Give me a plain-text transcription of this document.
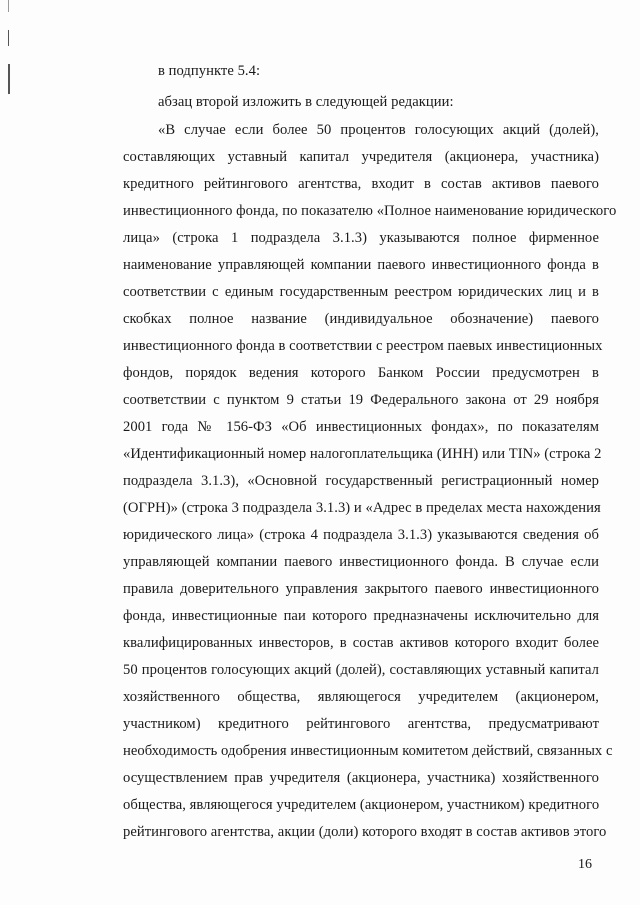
в подпункте 5.4:
абзац второй изложить в следующей редакции:
«В случае если более 50 процентов голосующих акций (долей),
составляющих уставный капитал учредителя (акционера, участника)
кредитного рейтингового агентства, входит в состав активов паевого
инвестиционного фонда, по показателю «Полное наименование юридического
лица» (строка 1 подраздела 3.1.3) указываются полное фирменное
наименование управляющей компании паевого инвестиционного фонда в
соответствии с единым государственным реестром юридических лиц и в
скобках полное название (индивидуальное обозначение) паевого
инвестиционного фонда в соответствии с реестром паевых инвестиционных
фондов, порядок ведения которого Банком России предусмотрен в
соответствии с пунктом 9 статьи 19 Федерального закона от 29 ноября
2001 года № 156-ФЗ «Об инвестиционных фондах», по показателям
«Идентификационный номер налогоплательщика (ИНН) или TIN» (строка 2
подраздела 3.1.3), «Основной государственный регистрационный номер
(ОГРН)» (строка 3 подраздела 3.1.3) и «Адрес в пределах места нахождения
юридического лица» (строка 4 подраздела 3.1.3) указываются сведения об
управляющей компании паевого инвестиционного фонда. В случае если
правила доверительного управления закрытого паевого инвестиционного
фонда, инвестиционные паи которого предназначены исключительно для
квалифицированных инвесторов, в состав активов которого входит более
50 процентов голосующих акций (долей), составляющих уставный капитал
хозяйственного общества, являющегося учредителем (акционером,
участником) кредитного рейтингового агентства, предусматривают
необходимость одобрения инвестиционным комитетом действий, связанных с
осуществлением прав учредителя (акционера, участника) хозяйственного
общества, являющегося учредителем (акционером, участником) кредитного
рейтингового агентства, акции (доли) которого входят в состав активов этого
16
